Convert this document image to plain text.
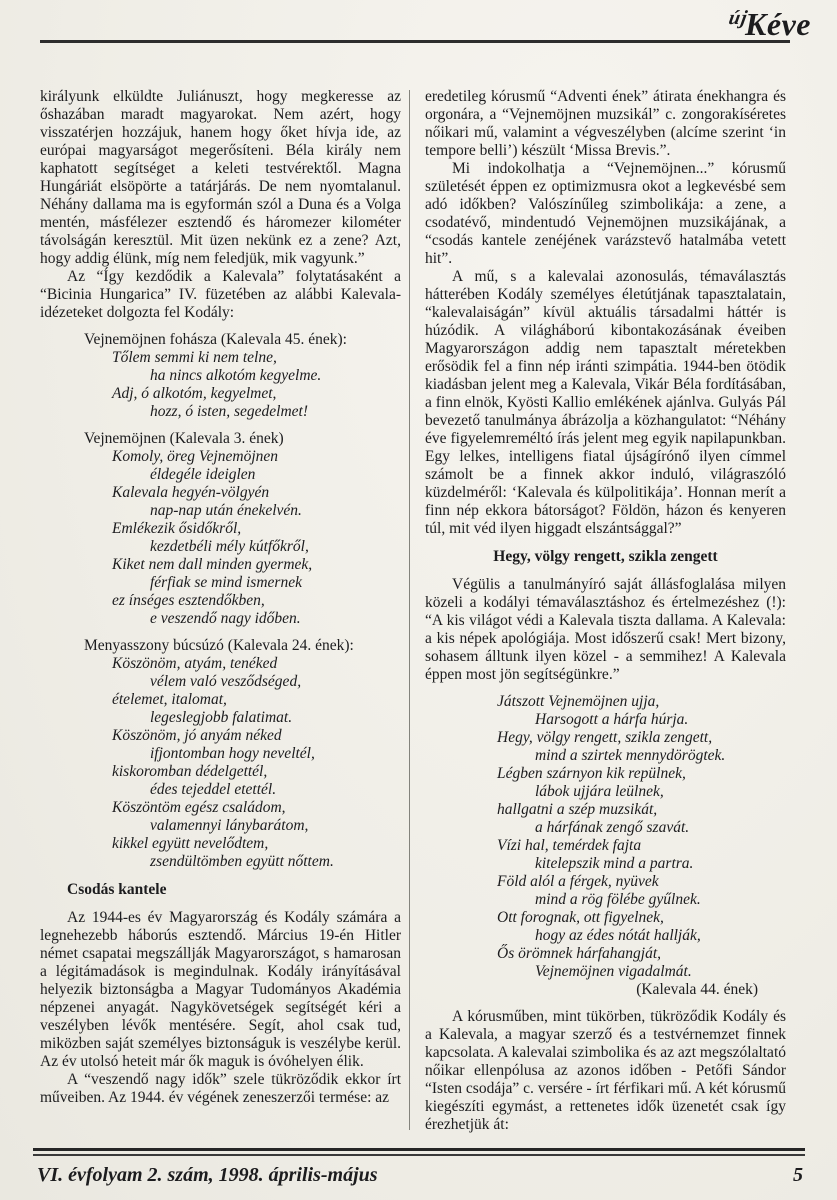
újKéve

királyunk elküldte Juliánuszt, hogy megkeresse az őshazában maradt magyarokat. Nem azért, hogy visszatérjen hozzájuk, hanem hogy őket hívja ide, az európai magyarságot megerősíteni. Béla király nem kaphatott segítséget a keleti testvérektől. Magna Hungáriát elsöpörte a tatárjárás. De nem nyomtalanul. Néhány dallama ma is egyformán szól a Duna és a Volga mentén, másfélezer esztendő és háromezer kilométer távolságán keresztül. Mit üzen nekünk ez a zene? Azt, hogy addig élünk, míg nem feledjük, mik vagyunk.”

Az “Így kezdődik a Kalevala” folytatásaként a “Bicinia Hungarica” IV. füzetében az alábbi Kalevala-idézeteket dolgozta fel Kodály:

Vejnemöjnen fohásza (Kalevala 45. ének):
Tőlem semmi ki nem telne,
ha nincs alkotóm kegyelme.
Adj, ó alkotóm, kegyelmet,
hozz, ó isten, segedelmet!
Vejnemöjnen (Kalevala 3. ének)
Komoly, öreg Vejnemöjnen
éldegéle ideiglen
Kalevala hegyén-völgyén
nap-nap után énekelvén.
Emlékezik ősidőkről,
kezdetbéli mély kútfőkről,
Kiket nem dall minden gyermek,
férfiak se mind ismernek
ez ínséges esztendőkben,
e veszendő nagy időben.
Menyasszony búcsúzó (Kalevala 24. ének):
Köszönöm, atyám, tenéked
vélem való vesződséged,
ételemet, italomat,
legeslegjobb falatimat.
Köszönöm, jó anyám néked
ifjontomban hogy neveltél,
kiskoromban dédelgettél,
édes tejeddel etettél.
Köszöntöm egész családom,
valamennyi lánybarátom,
kikkel együtt nevelődtem,
zsendültömben együtt nőttem.
Csodás kantele

Az 1944-es év Magyarország és Kodály számára a legnehezebb háborús esztendő. Március 19-én Hitler német csapatai megszállják Magyarországot, s hamarosan a légitámadások is megindulnak. Kodály irányításával helyezik biztonságba a Magyar Tudományos Akadémia népzenei anyagát. Nagykövetségek segítségét kéri a veszélyben lévők mentésére. Segít, ahol csak tud, miközben saját személyes biztonságuk is veszélybe kerül. Az év utolsó heteit már ők maguk is óvóhelyen élik.

A “veszendő nagy idők” szele tükröződik ekkor írt műveiben. Az 1944. év végének zeneszerzői termése: az

eredetileg kórusmű “Adventi ének” átirata énekhangra és orgonára, a “Vejnemöjnen muzsikál” c. zongorakíséretes nőikari mű, valamint a végveszélyben (alcíme szerint ‘in tempore belli’) készült ‘Missa Brevis.”.

Mi indokolhatja a “Vejnemöjnen...” kórusmű születését éppen ez optimizmusra okot a legkevésbé sem adó időkben? Valószínűleg szimbolikája: a zene, a csodatévő, mindentudó Vejnemöjnen muzsikájának, a “csodás kantele zenéjének varázstevő hatalmába vetett hit”.

A mű, s a kalevalai azonosulás, témaválasztás hátterében Kodály személyes életútjának tapasztalatain, “kalevalaiságán” kívül aktuális társadalmi háttér is húzódik. A világháború kibontakozásának éveiben Magyarországon addig nem tapasztalt méretekben erősödik fel a finn nép iránti szimpátia. 1944-ben ötödik kiadásban jelent meg a Kalevala, Vikár Béla fordításában, a finn elnök, Kyösti Kallio emlékének ajánlva. Gulyás Pál bevezető tanulmánya ábrázolja a közhangulatot: “Néhány éve figyelemreméltó írás jelent meg egyik napilapunkban. Egy lelkes, intelligens fiatal újságírónő ilyen címmel számolt be a finnek akkor induló, világraszóló küzdelméről: ‘Kalevala és külpolitikája’. Honnan merít a finn nép ekkora bátorságot? Földön, házon és kenyeren túl, mit véd ilyen higgadt elszántsággal?”

Hegy, völgy rengett, szikla zengett

Végülis a tanulmányíró saját állásfoglalása milyen közeli a kodályi témaválasztáshoz és értelmezéshez (!): “A kis világot védi a Kalevala tiszta dallama. A Kalevala: a kis népek apológiája. Most időszerű csak! Mert bizony, sohasem álltunk ilyen közel - a semmihez! A Kalevala éppen most jön segítségünkre.”

Játszott Vejnemöjnen ujja,
Harsogott a hárfa húrja.
Hegy, völgy rengett, szikla zengett,
mind a szirtek mennydörögtek.
Légben szárnyon kik repülnek,
lábok ujjára leülnek,
hallgatni a szép muzsikát,
a hárfának zengő szavát.
Vízi hal, temérdek fajta
kitelepszik mind a partra.
Föld alól a férgek, nyüvek
mind a rög fölébe gyűlnek.
Ott forognak, ott figyelnek,
hogy az édes nótát hallják,
Ős örömnek hárfahangját,
Vejnemöjnen vigadalmát.
(Kalevala 44. ének)

A kórusműben, mint tükörben, tükröződik Kodály és a Kalevala, a magyar szerző és a testvérnemzet finnek kapcsolata. A kalevalai szimbolika és az azt megszólaltató nőikar ellenpólusa az azonos időben - Petőfi Sándor “Isten csodája” c. versére - írt férfikari mű. A két kórusmű kiegészíti egymást, a rettenetes idők üzenetét csak így érezhetjük át:

VI. évfolyam 2. szám, 1998. április-május	5
